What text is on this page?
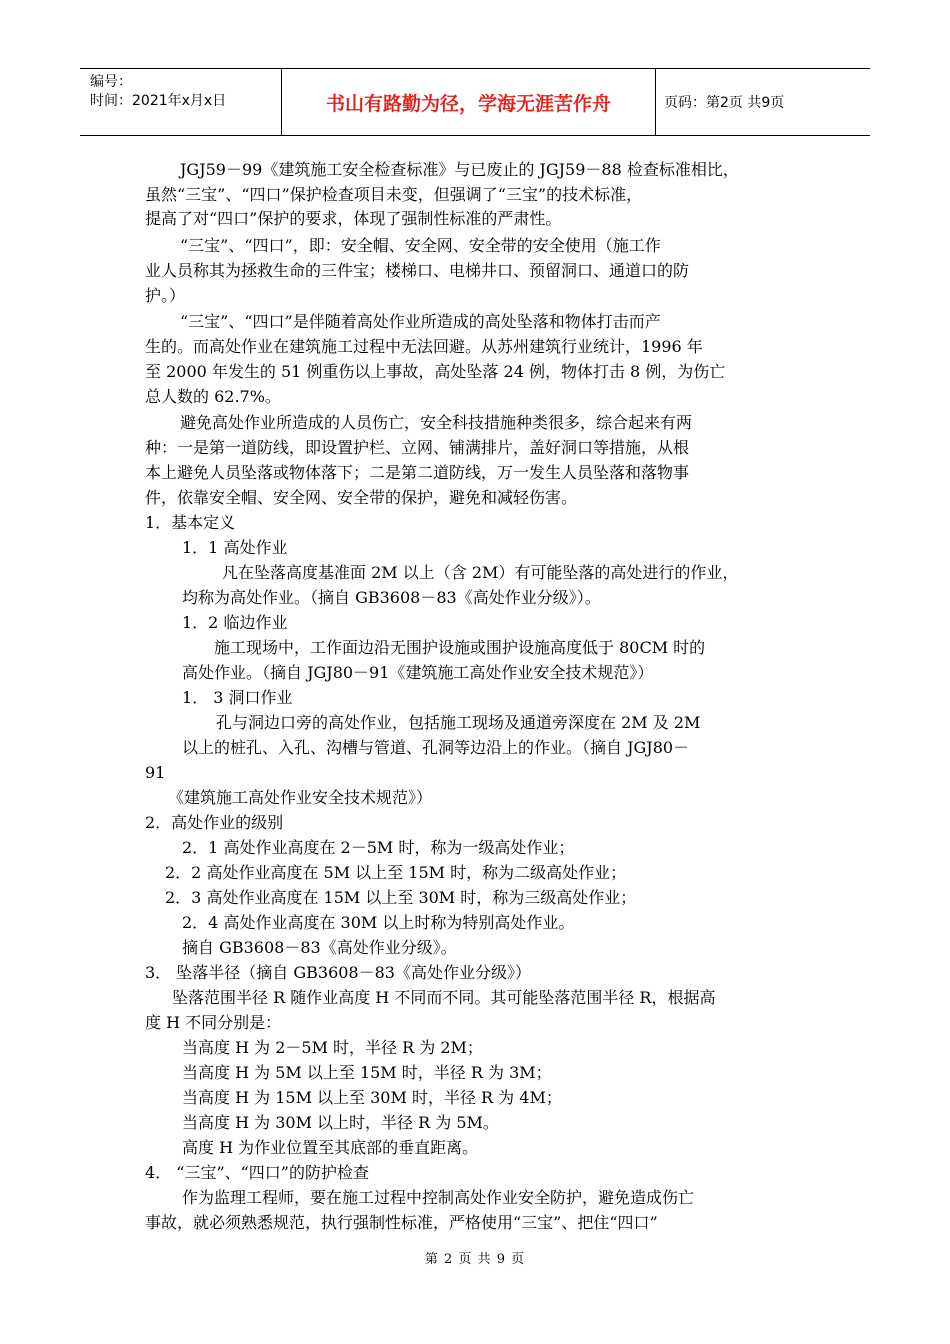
编号：
时间：2021年x月x日	书山有路勤为径，学海无涯苦作舟	页码：第2页 共9页
JGJ59－99《建筑施工安全检查标准》与已废止的 JGJ59－88 检查标准相比，
虽然“三宝”、“四口”保护检查项目未变，但强调了“三宝”的技术标准，
提高了对“四口”保护的要求，体现了强制性标准的严肃性。
“三宝”、“四口”，即：安全帽、安全网、安全带的安全使用（施工作
业人员称其为拯救生命的三件宝；楼梯口、电梯井口、预留洞口、通道口的防
护。）
“三宝”、“四口”是伴随着高处作业所造成的高处坠落和物体打击而产
生的。而高处作业在建筑施工过程中无法回避。从苏州建筑行业统计，1996 年
至 2000 年发生的 51 例重伤以上事故，高处坠落 24 例，物体打击 8 例，为伤亡
总人数的 62.7%。
避免高处作业所造成的人员伤亡，安全科技措施种类很多，综合起来有两
种：一是第一道防线，即设置护栏、立网、铺满排片，盖好洞口等措施，从根
本上避免人员坠落或物体落下；二是第二道防线，万一发生人员坠落和落物事
件，依靠安全帽、安全网、安全带的保护，避免和减轻伤害。
1．基本定义
1．1 高处作业
凡在坠落高度基准面 2M 以上（含 2M）有可能坠落的高处进行的作业，
均称为高处作业。（摘自 GB3608－83《高处作业分级》）。
1．2 临边作业
施工现场中，工作面边沿无围护设施或围护设施高度低于 80CM 时的
高处作业。（摘自 JGJ80－91《建筑施工高处作业安全技术规范》）
1． 3 洞口作业
孔与洞边口旁的高处作业，包括施工现场及通道旁深度在 2M 及 2M
以上的桩孔、入孔、沟槽与管道、孔洞等边沿上的作业。（摘自 JGJ80－
91
《建筑施工高处作业安全技术规范》）
2．高处作业的级别
2．1 高处作业高度在 2－5M 时，称为一级高处作业；
2．2 高处作业高度在 5M 以上至 15M 时，称为二级高处作业；
2．3 高处作业高度在 15M 以上至 30M 时，称为三级高处作业；
2．4 高处作业高度在 30M 以上时称为特别高处作业。
摘自 GB3608－83《高处作业分级》。
3． 坠落半径（摘自 GB3608－83《高处作业分级》）
坠落范围半径 R 随作业高度 H 不同而不同。其可能坠落范围半径 R，根据高
度 H 不同分别是：
当高度 H 为 2－5M 时，半径 R 为 2M；
当高度 H 为 5M 以上至 15M 时，半径 R 为 3M；
当高度 H 为 15M 以上至 30M 时，半径 R 为 4M；
当高度 H 为 30M 以上时，半径 R 为 5M。
高度 H 为作业位置至其底部的垂直距离。
4． “三宝”、“四口”的防护检查
作为监理工程师，要在施工过程中控制高处作业安全防护，避免造成伤亡
事故，就必须熟悉规范，执行强制性标准，严格使用“三宝”、把住“四口”
第 2 页 共 9 页
